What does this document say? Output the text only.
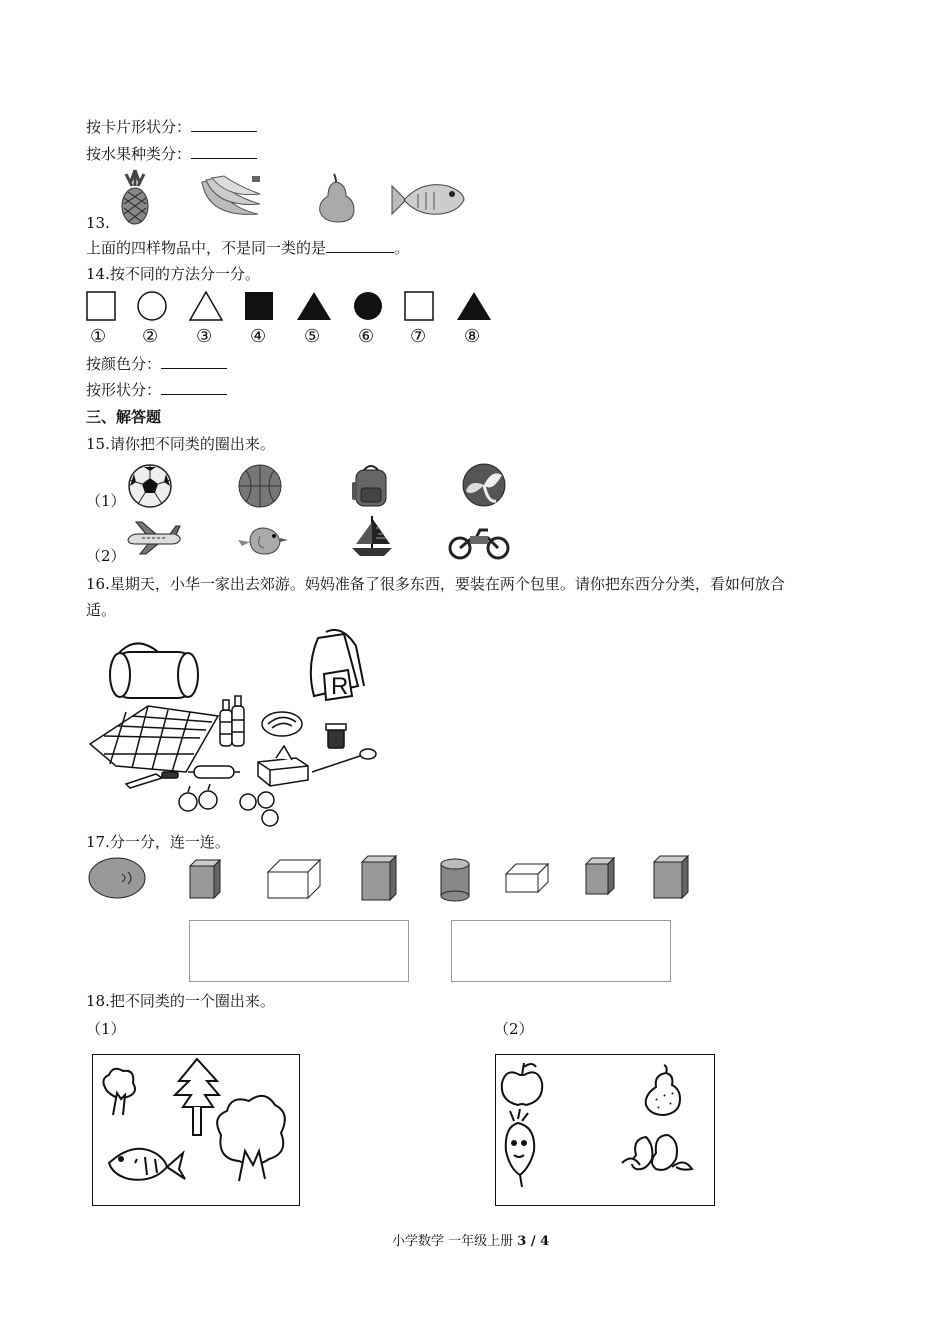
按卡片形状分：
按水果种类分：
13.
上面的四样物品中，不是同一类的是	。
14.按不同的方法分一分。
① ② ③ ④ ⑤ ⑥ ⑦ ⑧
按颜色分：
按形状分：
三、解答题
15.请你把不同类的圈出来。
（1）
（2）
16.星期天，小华一家出去郊游。妈妈准备了很多东西，要装在两个包里。请你把东西分分类，看如何放合
适。
R
17.分一分，连一连。
18.把不同类的一个圈出来。
（1）	（2）
小学数学 一年级上册 3 / 4
